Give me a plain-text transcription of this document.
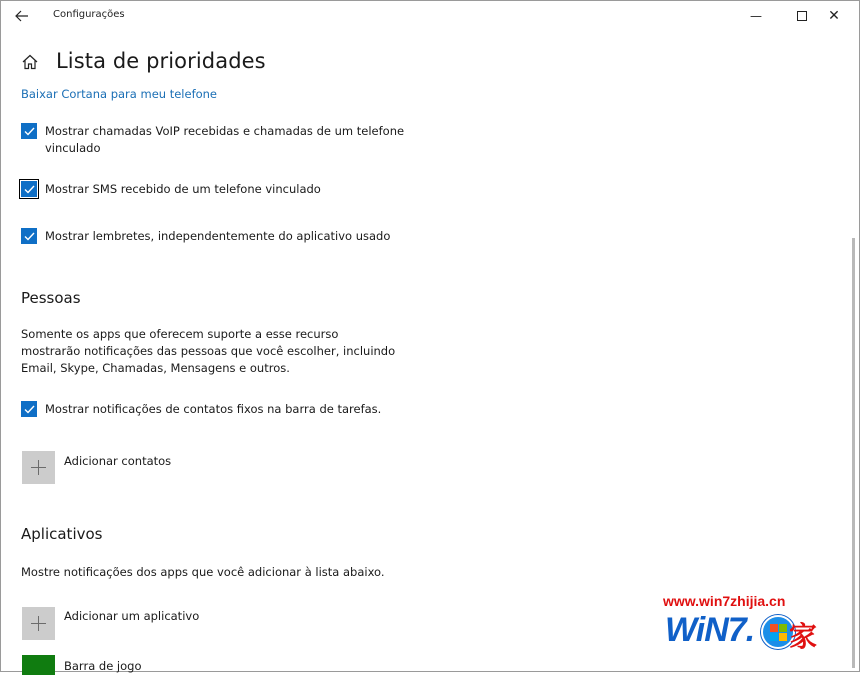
Configurações	—	✕
Lista de prioridades
Baixar Cortana para meu telefone
Mostrar chamadas VoIP recebidas e chamadas de um telefone vinculado
Mostrar SMS recebido de um telefone vinculado
Mostrar lembretes, independentemente do aplicativo usado
Pessoas
Somente os apps que oferecem suporte a esse recurso mostrarão notificações das pessoas que você escolher, incluindo Email, Skype, Chamadas, Mensagens e outros.
Mostrar notificações de contatos fixos na barra de tarefas.
Adicionar contatos
Aplicativos
Mostre notificações dos apps que você adicionar à lista abaixo.
Adicionar um aplicativo
Barra de jogo
www.win7zhijia.cn
WiN7. 家
